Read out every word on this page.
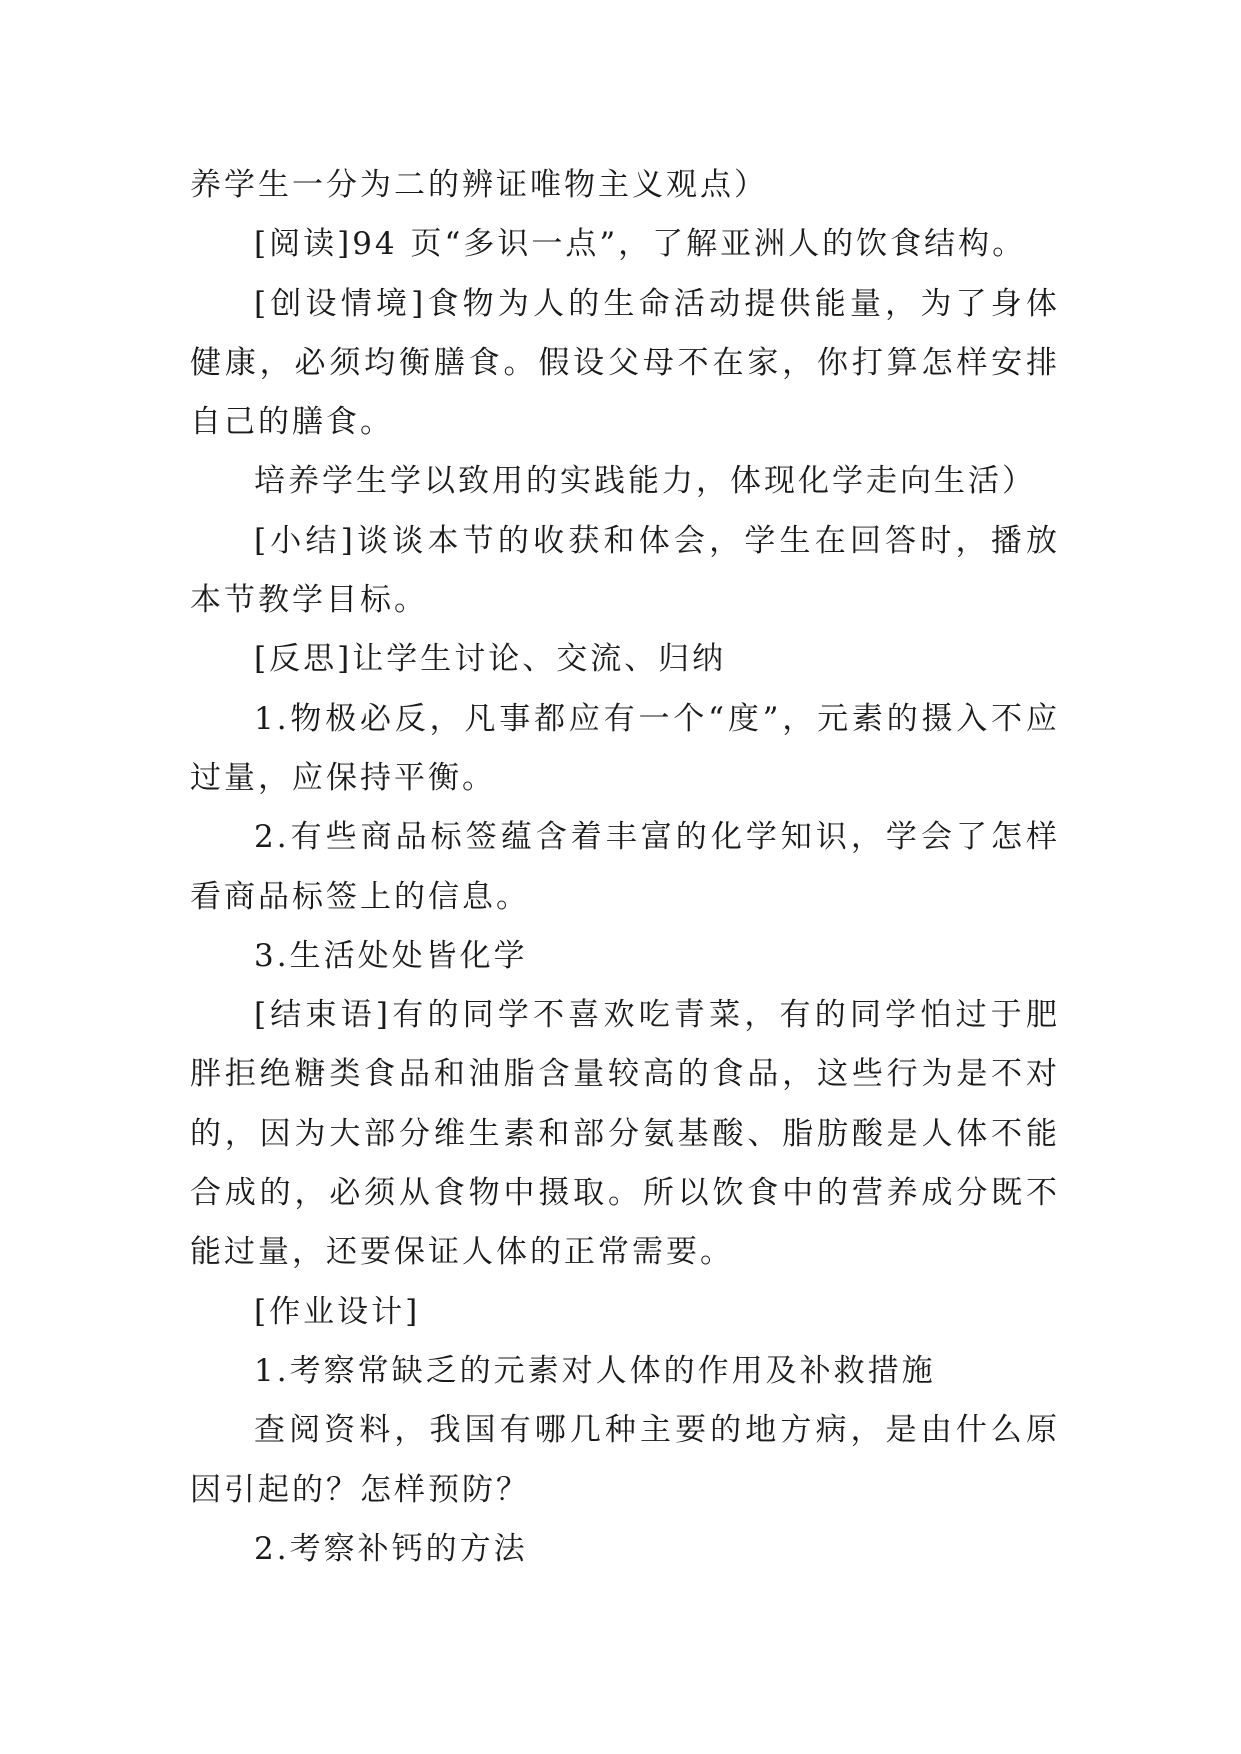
养学生一分为二的辨证唯物主义观点）

[阅读]94 页“多识一点”，了解亚洲人的饮食结构。

[创设情境]食物为人的生命活动提供能量，为了身体健康，必须均衡膳食。假设父母不在家，你打算怎样安排自己的膳食。

培养学生学以致用的实践能力，体现化学走向生活）

[小结]谈谈本节的收获和体会，学生在回答时，播放本节教学目标。

[反思]让学生讨论、交流、归纳

1.物极必反，凡事都应有一个“度”，元素的摄入不应过量，应保持平衡。

2.有些商品标签蕴含着丰富的化学知识，学会了怎样看商品标签上的信息。

3.生活处处皆化学

[结束语]有的同学不喜欢吃青菜，有的同学怕过于肥胖拒绝糖类食品和油脂含量较高的食品，这些行为是不对的，因为大部分维生素和部分氨基酸、脂肪酸是人体不能合成的，必须从食物中摄取。所以饮食中的营养成分既不能过量，还要保证人体的正常需要。

[作业设计]

1.考察常缺乏的元素对人体的作用及补救措施

查阅资料，我国有哪几种主要的地方病，是由什么原因引起的？怎样预防？

2.考察补钙的方法
